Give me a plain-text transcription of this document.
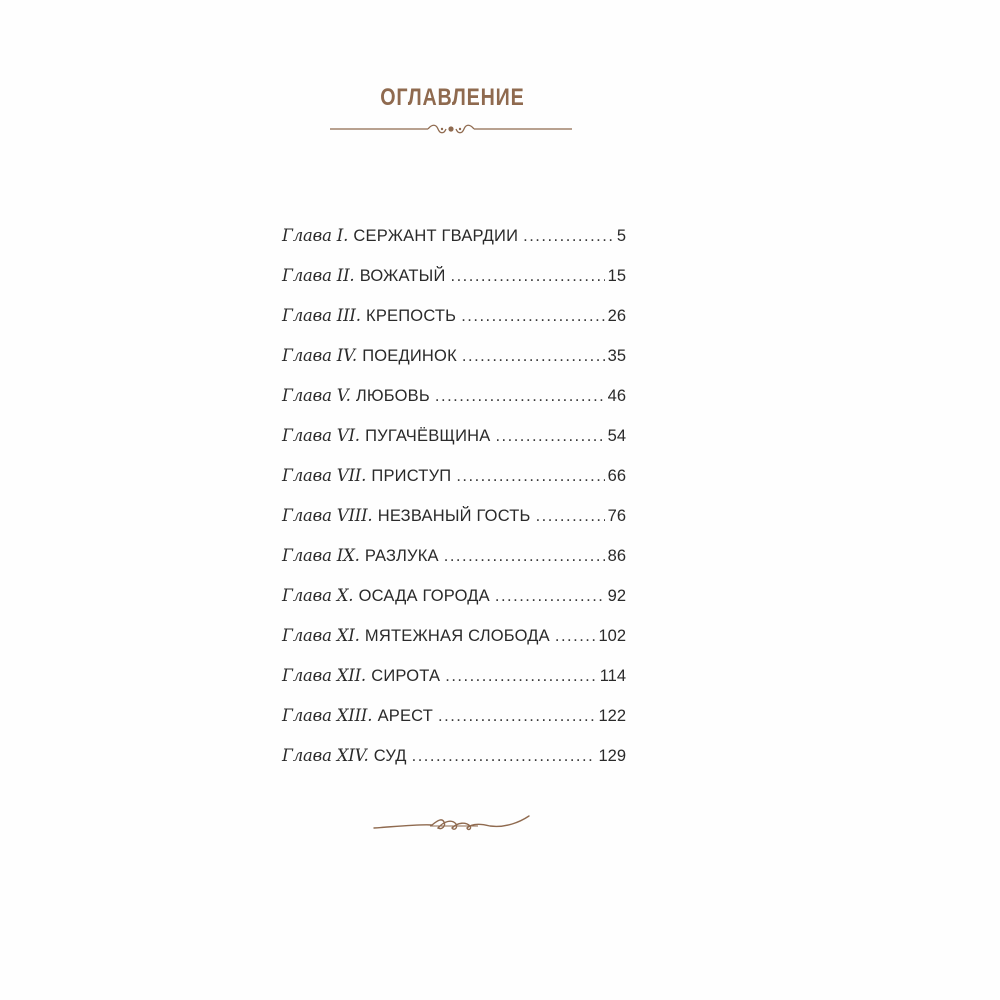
ОГЛАВЛЕНИЕ
Глава I. СЕРЖАНТ ГВАРДИИ .....	5
Глава II. ВОЖАТЫЙ .....	15
Глава III. КРЕПОСТЬ .....	26
Глава IV. ПОЕДИНОК .....	35
Глава V. ЛЮБОВЬ .....	46
Глава VI. ПУГАЧЁВЩИНА .....	54
Глава VII. ПРИСТУП .....	66
Глава VIII. НЕЗВАНЫЙ ГОСТЬ .....	76
Глава IX. РАЗЛУКА .....	86
Глава X. ОСАДА ГОРОДА .....	92
Глава XI. МЯТЕЖНАЯ СЛОБОДА .....	102
Глава XII. СИРОТА .....	114
Глава XIII. АРЕСТ .....	122
Глава XIV. СУД .....	129
